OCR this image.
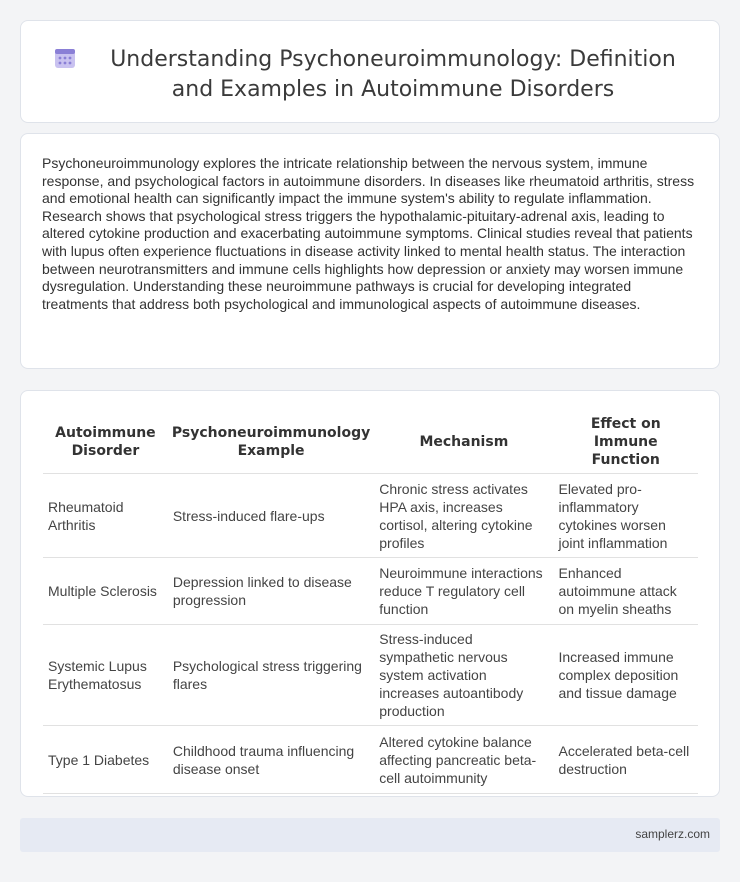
Understanding Psychoneuroimmunology: Definition and Examples in Autoimmune Disorders

Psychoneuroimmunology explores the intricate relationship between the nervous system, immune response, and psychological factors in autoimmune disorders. In diseases like rheumatoid arthritis, stress and emotional health can significantly impact the immune system's ability to regulate inflammation. Research shows that psychological stress triggers the hypothalamic-pituitary-adrenal axis, leading to altered cytokine production and exacerbating autoimmune symptoms. Clinical studies reveal that patients with lupus often experience fluctuations in disease activity linked to mental health status. The interaction between neurotransmitters and immune cells highlights how depression or anxiety may worsen immune dysregulation. Understanding these neuroimmune pathways is crucial for developing integrated treatments that address both psychological and immunological aspects of autoimmune diseases.

Autoimmune Disorder	Psychoneuroimmunology Example	Mechanism	Effect on Immune Function
Rheumatoid Arthritis	Stress-induced flare-ups	Chronic stress activates HPA axis, increases cortisol, altering cytokine profiles	Elevated pro-inflammatory cytokines worsen joint inflammation
Multiple Sclerosis	Depression linked to disease progression	Neuroimmune interactions reduce T regulatory cell function	Enhanced autoimmune attack on myelin sheaths
Systemic Lupus Erythematosus	Psychological stress triggering flares	Stress-induced sympathetic nervous system activation increases autoantibody production	Increased immune complex deposition and tissue damage
Type 1 Diabetes	Childhood trauma influencing disease onset	Altered cytokine balance affecting pancreatic beta-cell autoimmunity	Accelerated beta-cell destruction
samplerz.com
